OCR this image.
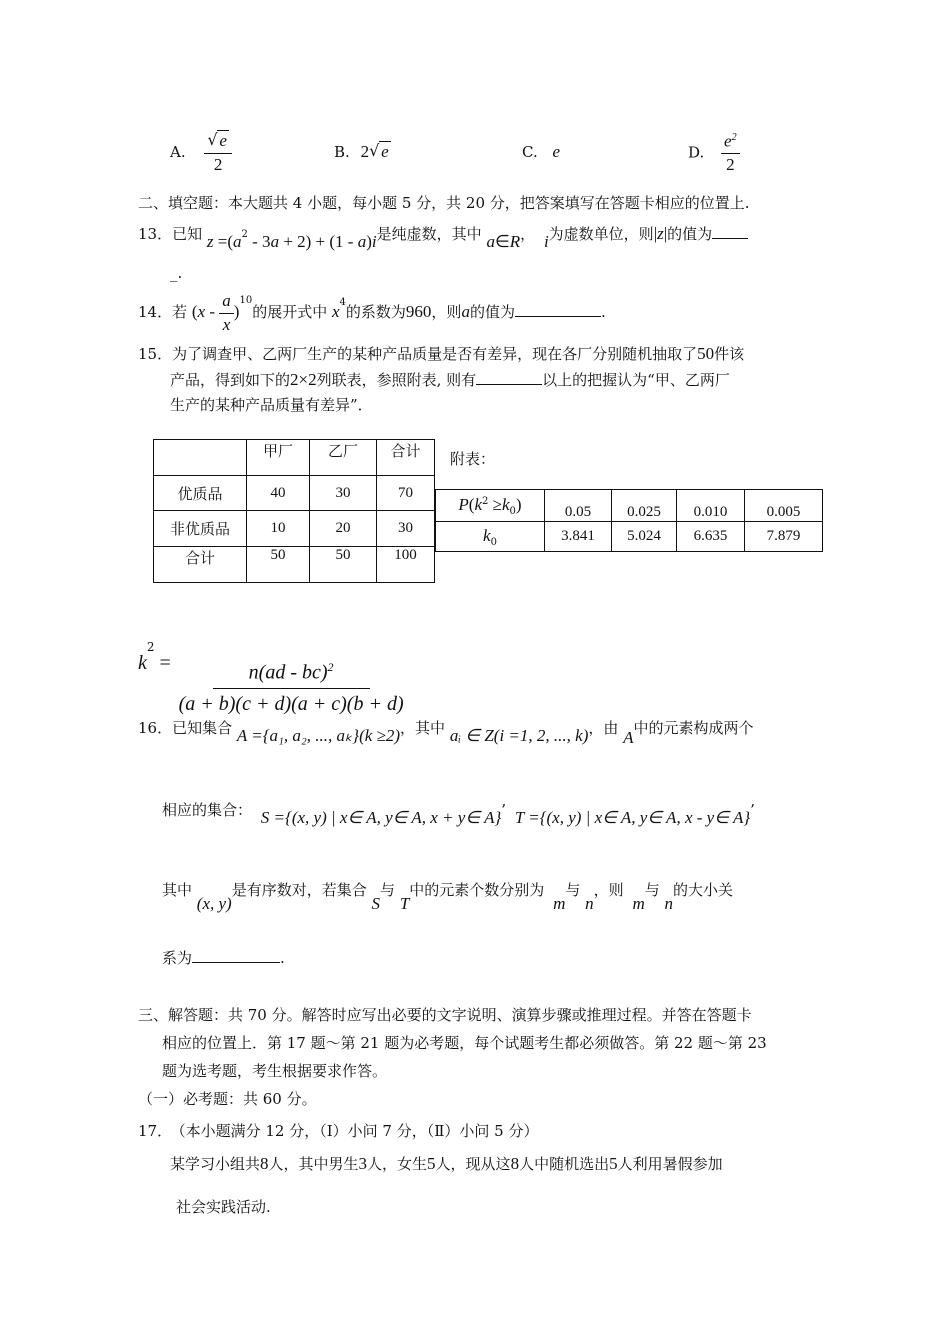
A. √ $\frac{e}{2}$	B. 2 √ e	C. e	D. $\frac{e^2}{2}$
二、填空题：本大题共 4 小题，每小题 5 分，共 20 分，把答案填写在答题卡相应的位置上.
13．已知 $z =(a^2 - 3a + 2) + (1 - a)i$是纯虚数，其中 a∈R， i为虚数单位，则|z|的值为
_.
14．若 $(x - \frac{a}{x} )^{10}$的展开式中 $x^4$的系数为960，则a的值为	.
15．为了调查甲、乙两厂生产的某种产品质量是否有差异，现在各厂分别随机抽取了50件该
产品，得到如下的2×2列联表，参照附表, 则有	以上的把握认为“甲、乙两厂
生产的某种产品质量有差异”．
	甲厂	乙厂	合计
优质品	40	30	70
非优质品	10	20	30
合计	50	50	100
附表：
$P(k^2 \ge k_0)$	0.05	0.025	0.010	0.005
$k_0$	3.841	5.024	6.635	7.879
$k^2 = \frac{n(ad - bc)^2}{(a + b)(c + d)(a + c)(b + d)}$
16．已知集合 A ={a₁, a₂, ..., aₖ}(k ≥2)，其中 aᵢ ∈ Z(i =1, 2, ..., k)，由 A中的元素构成两个
相应的集合： S ={(x, y) | x∈ A, y∈ A, x + y∈ A}’ T ={(x, y) | x∈ A, y∈ A, x - y∈ A}’
其中 (x, y)是有序数对，若集合 S与 T中的元素个数分别为 m与 n，则 m与 n的大小关
系为	.
三、解答题：共 70 分。解答时应写出必要的文字说明、演算步骤或推理过程。并答在答题卡
相应的位置上．第 17 题～第 21 题为必考题，每个试题考生都必须做答。第 22 题～第 23
题为选考题，考生根据要求作答。
（一）必考题：共 60 分。
17． （本小题满分 12 分，（Ⅰ）小问 7 分，（Ⅱ）小问 5 分）
某学习小组共8人，其中男生3人，女生5人，现从这8人中随机选出5人利用暑假参加
社会实践活动.
